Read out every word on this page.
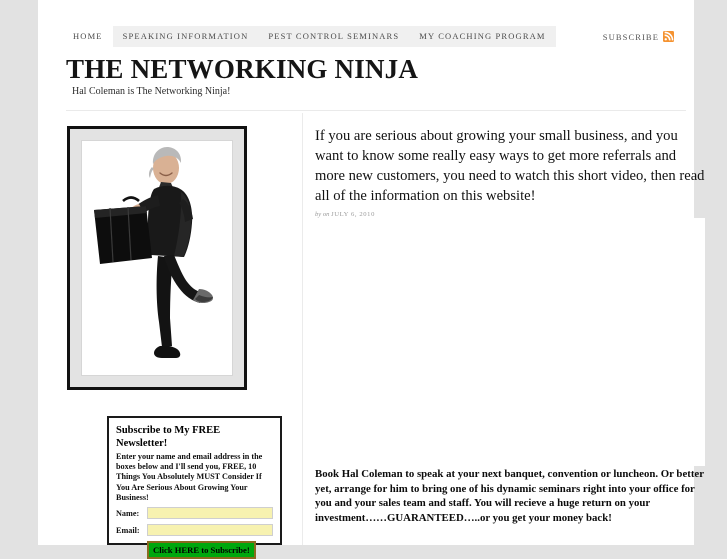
HOME	SPEAKING INFORMATION	PEST CONTROL SEMINARS	MY COACHING PROGRAM	SUBSCRIBE
THE NETWORKING NINJA
Hal Coleman is The Networking Ninja!
Subscribe to My FREE Newsletter!
Enter your name and email address in the boxes below and I'll send you, FREE, 10 Things You Absolutely MUST Consider If You Are Serious About Growing Your Business!
Name:
Email:
Click HERE to Subscribe!
If you are serious about growing your small business, and you want to know some really easy ways to get more referrals and more new customers, you need to watch this short video, then read all of the information on this website!

by on JULY 6, 2010

Book Hal Coleman to speak at your next banquet, convention or luncheon. Or better yet, arrange for him to bring one of his dynamic seminars right into your office for you and your sales team and staff. You will recieve a huge return on your investment……GUARANTEED…..or you get your money back!
